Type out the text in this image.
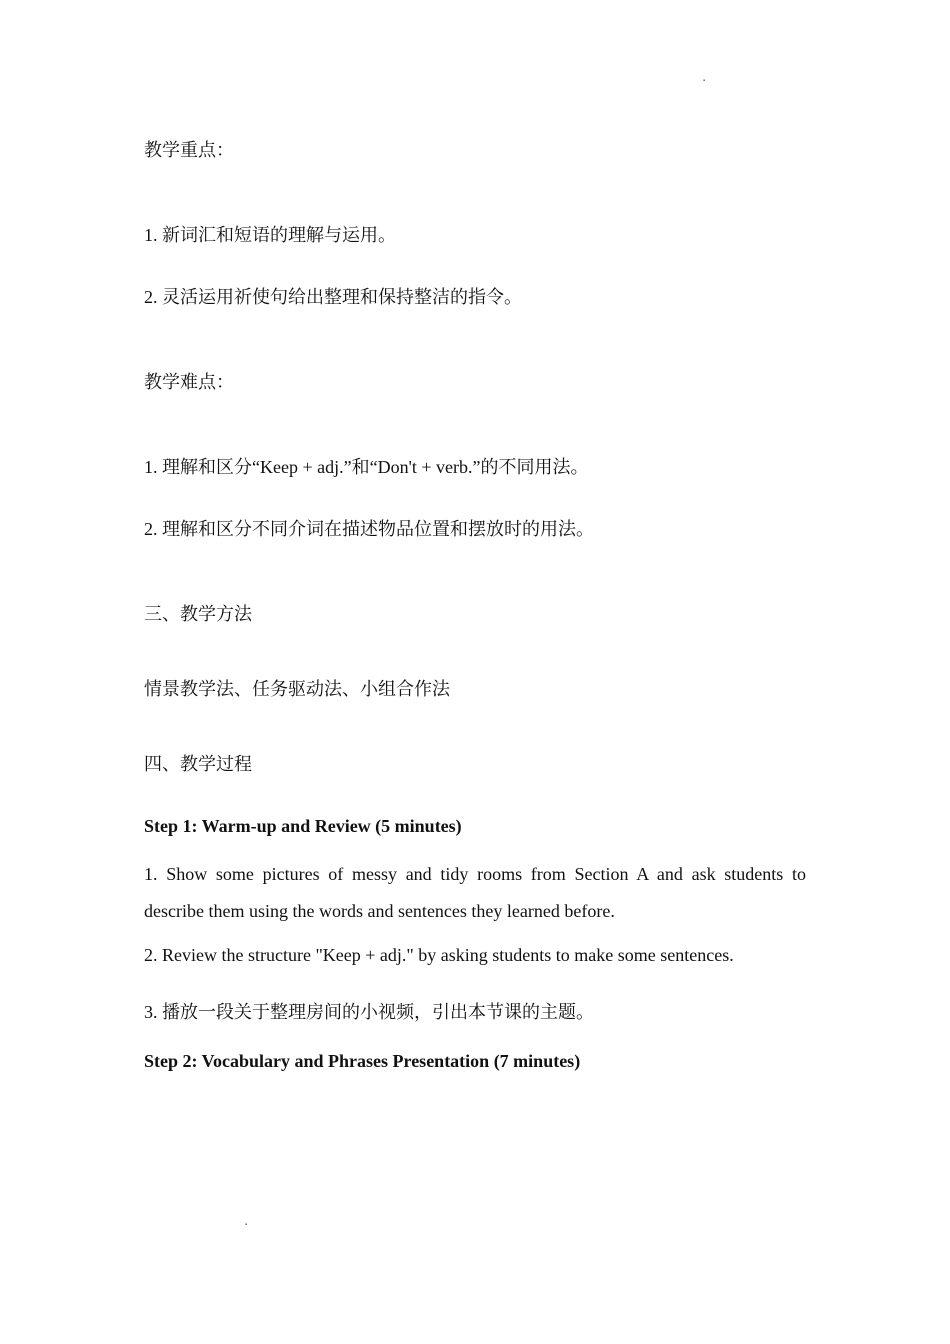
▪
教学重点：
1. 新词汇和短语的理解与运用。
2. 灵活运用祈使句给出整理和保持整洁的指令。
教学难点：
1. 理解和区分“Keep + adj.”和“Don't + verb.”的不同用法。
2. 理解和区分不同介词在描述物品位置和摆放时的用法。
三、教学方法
情景教学法、任务驱动法、小组合作法
四、教学过程
Step 1: Warm-up and Review (5 minutes)
1. Show some pictures of messy and tidy rooms from Section A and ask students to describe them using the words and sentences they learned before.
2. Review the structure "Keep + adj." by asking students to make some sentences.
3. 播放一段关于整理房间的小视频，引出本节课的主题。
Step 2: Vocabulary and Phrases Presentation (7 minutes)
▪
